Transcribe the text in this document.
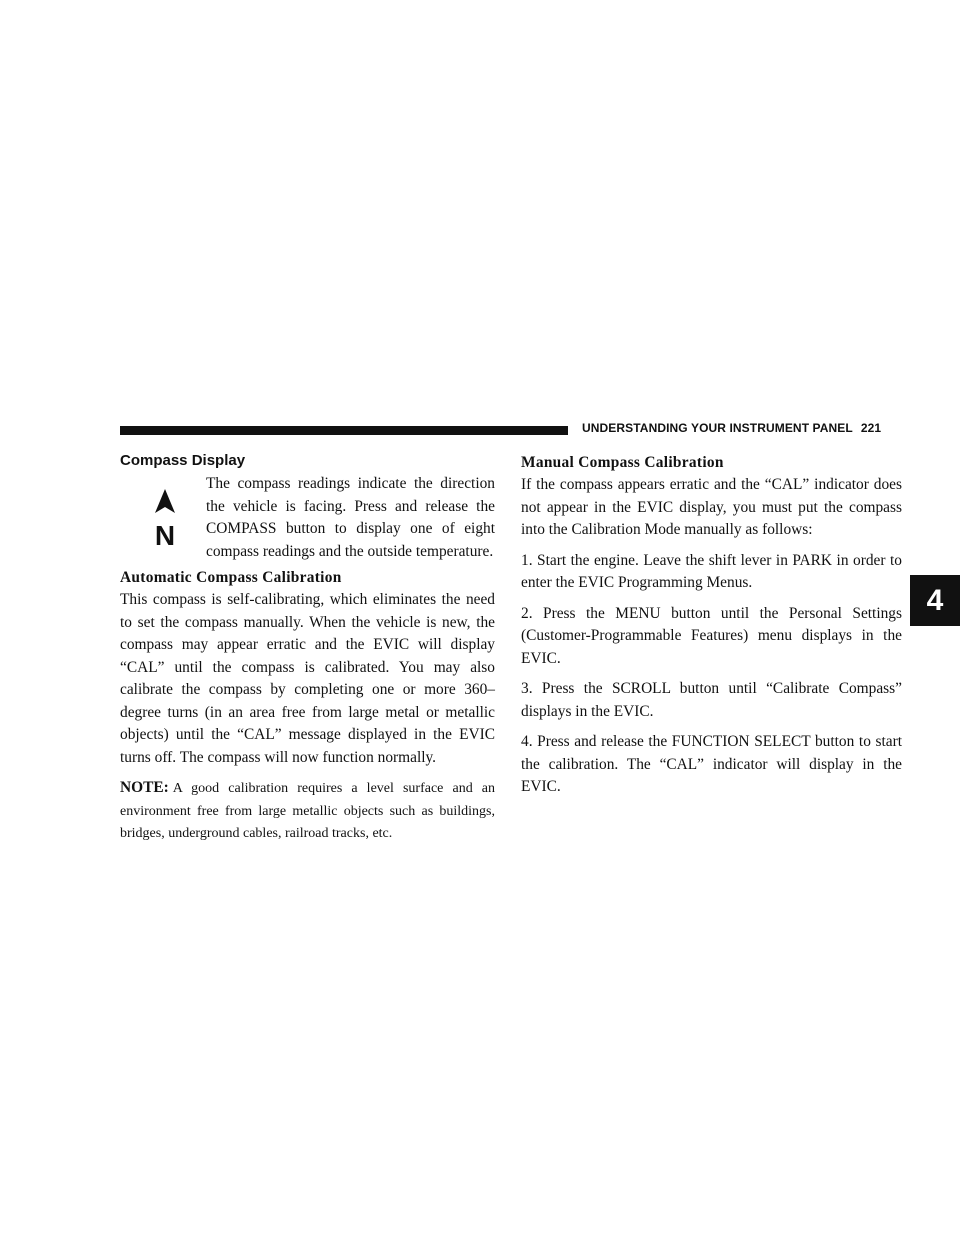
UNDERSTANDING YOUR INSTRUMENT PANEL 221
4
Compass Display
N

The compass readings indicate the direction the vehicle is facing. Press and release the COMPASS button to display one of eight compass readings and the outside temperature.

Automatic Compass Calibration

This compass is self-calibrating, which eliminates the need to set the compass manually. When the vehicle is new, the compass may appear erratic and the EVIC will display “CAL” until the compass is calibrated. You may also calibrate the compass by completing one or more 360–degree turns (in an area free from large metal or metallic objects) until the “CAL” message displayed in the EVIC turns off. The compass will now function normally.

NOTE: A good calibration requires a level surface and an environment free from large metallic objects such as buildings, bridges, underground cables, railroad tracks, etc.

Manual Compass Calibration

If the compass appears erratic and the “CAL” indicator does not appear in the EVIC display, you must put the compass into the Calibration Mode manually as follows:

1. Start the engine. Leave the shift lever in PARK in order to enter the EVIC Programming Menus.

2. Press the MENU button until the Personal Settings (Customer-Programmable Features) menu displays in the EVIC.

3. Press the SCROLL button until “Calibrate Compass” displays in the EVIC.

4. Press and release the FUNCTION SELECT button to start the calibration. The “CAL” indicator will display in the EVIC.
